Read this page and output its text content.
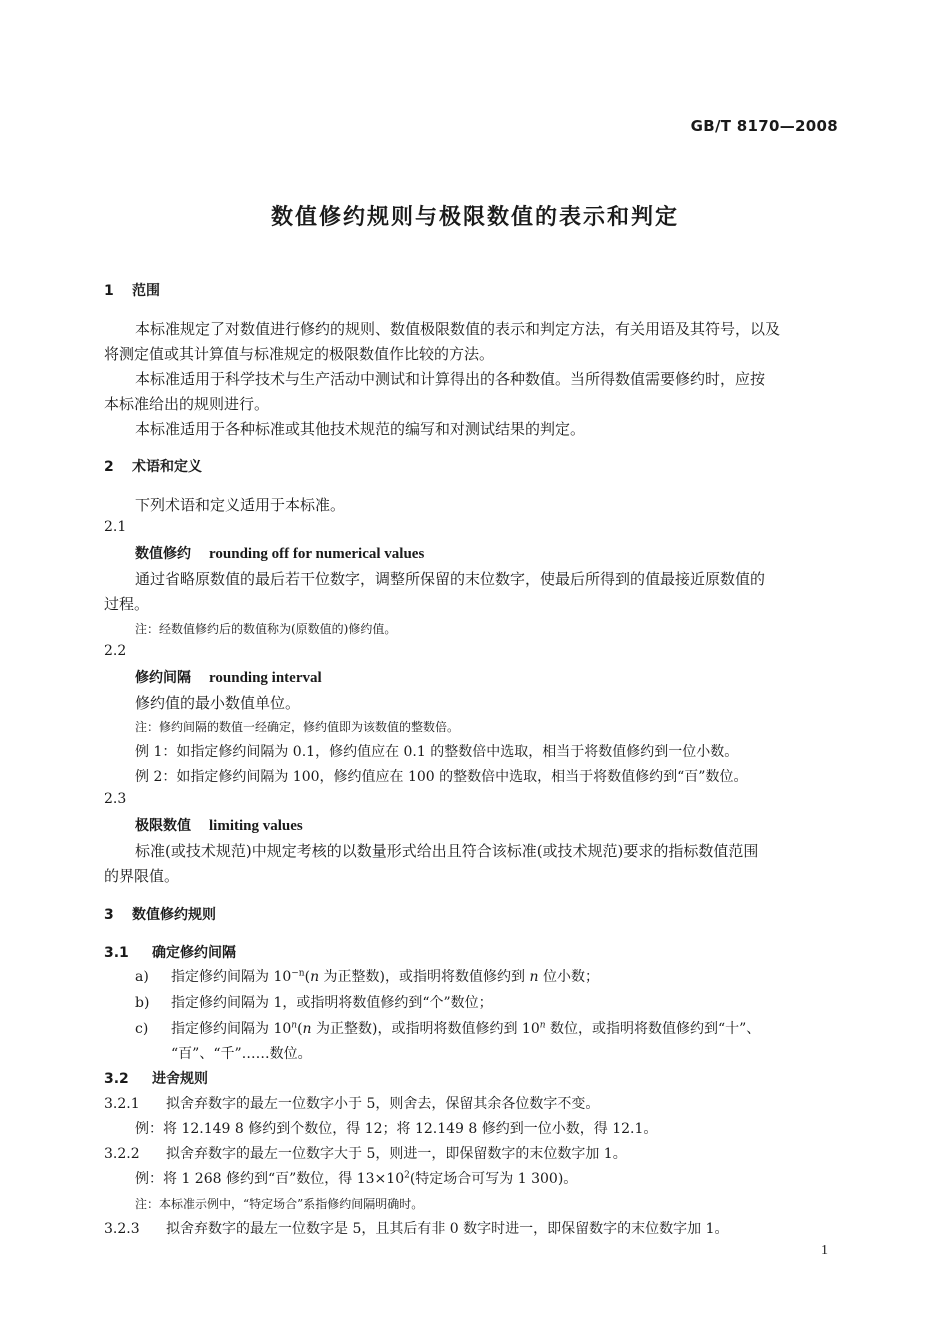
GB/T 8170—2008
数值修约规则与极限数值的表示和判定
1 范围
本标准规定了对数值进行修约的规则、数值极限数值的表示和判定方法，有关用语及其符号，以及
将测定值或其计算值与标准规定的极限数值作比较的方法。
本标准适用于科学技术与生产活动中测试和计算得出的各种数值。当所得数值需要修约时，应按
本标准给出的规则进行。
本标准适用于各种标准或其他技术规范的编写和对测试结果的判定。
2 术语和定义
下列术语和定义适用于本标准。
2.1
数值修约 rounding off for numerical values
通过省略原数值的最后若干位数字，调整所保留的末位数字，使最后所得到的值最接近原数值的
过程。
注：经数值修约后的数值称为(原数值的)修约值。
2.2
修约间隔 rounding interval
修约值的最小数值单位。
注：修约间隔的数值一经确定，修约值即为该数值的整数倍。
例 1：如指定修约间隔为 0.1，修约值应在 0.1 的整数倍中选取，相当于将数值修约到一位小数。
例 2：如指定修约间隔为 100，修约值应在 100 的整数倍中选取，相当于将数值修约到“百”数位。
2.3
极限数值 limiting values
标准(或技术规范)中规定考核的以数量形式给出且符合该标准(或技术规范)要求的指标数值范围
的界限值。
3 数值修约规则
3.1 确定修约间隔
a) 指定修约间隔为 $10^{-n}(n$ 为正整数)，或指明将数值修约到 n 位小数；
b) 指定修约间隔为 1，或指明将数值修约到“个”数位；
c) 指定修约间隔为 10$^n$(n 为正整数)，或指明将数值修约到 10$^n$ 数位，或指明将数值修约到“十”、
“百”、“千”……数位。
3.2 进舍规则
3.2.1 拟舍弃数字的最左一位数字小于 5，则舍去，保留其余各位数字不变。
例：将 12.149 8 修约到个数位，得 12；将 12.149 8 修约到一位小数，得 12.1。
3.2.2 拟舍弃数字的最左一位数字大于 5，则进一，即保留数字的末位数字加 1。
例：将 1 268 修约到“百”数位，得 $13\times 10^2$(特定场合可写为 1 300)。
注：本标准示例中，“特定场合”系指修约间隔明确时。
3.2.3 拟舍弃数字的最左一位数字是 5，且其后有非 0 数字时进一，即保留数字的末位数字加 1。
1
